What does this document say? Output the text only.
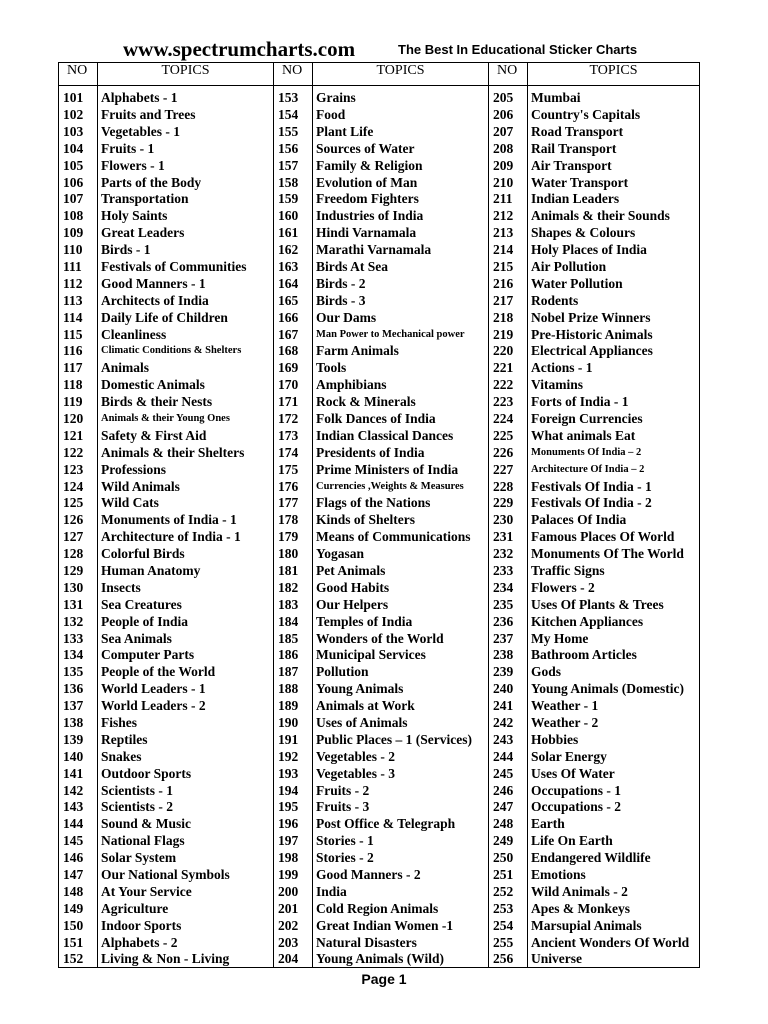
www.spectrumcharts.com	The Best In Educational Sticker Charts
NO	TOPICS	NO	TOPICS	NO	TOPICS
101	Alphabets - 1	153	Grains	205	Mumbai
102	Fruits and Trees	154	Food	206	Country's Capitals
103	Vegetables - 1	155	Plant Life	207	Road Transport
104	Fruits - 1	156	Sources of Water	208	Rail Transport
105	Flowers - 1	157	Family & Religion	209	Air Transport
106	Parts of the Body	158	Evolution of Man	210	Water Transport
107	Transportation	159	Freedom Fighters	211	Indian Leaders
108	Holy Saints	160	Industries of India	212	Animals & their Sounds
109	Great Leaders	161	Hindi Varnamala	213	Shapes & Colours
110	Birds - 1	162	Marathi Varnamala	214	Holy Places of India
111	Festivals of Communities	163	Birds At Sea	215	Air Pollution
112	Good Manners - 1	164	Birds - 2	216	Water Pollution
113	Architects of India	165	Birds - 3	217	Rodents
114	Daily Life of Children	166	Our Dams	218	Nobel Prize Winners
115	Cleanliness	167	Man Power to Mechanical power	219	Pre-Historic Animals
116	Climatic Conditions & Shelters	168	Farm Animals	220	Electrical Appliances
117	Animals	169	Tools	221	Actions - 1
118	Domestic Animals	170	Amphibians	222	Vitamins
119	Birds & their Nests	171	Rock & Minerals	223	Forts of India - 1
120	Animals & their Young Ones	172	Folk Dances of India	224	Foreign Currencies
121	Safety & First Aid	173	Indian Classical Dances	225	What animals Eat
122	Animals & their Shelters	174	Presidents of India	226	Monuments Of India – 2
123	Professions	175	Prime Ministers of India	227	Architecture Of India – 2
124	Wild Animals	176	Currencies ,Weights & Measures	228	Festivals Of India - 1
125	Wild Cats	177	Flags of the Nations	229	Festivals Of India - 2
126	Monuments of India - 1	178	Kinds of Shelters	230	Palaces Of India
127	Architecture of India - 1	179	Means of Communications	231	Famous Places Of World
128	Colorful Birds	180	Yogasan	232	Monuments Of The World
129	Human Anatomy	181	Pet Animals	233	Traffic Signs
130	Insects	182	Good Habits	234	Flowers - 2
131	Sea Creatures	183	Our Helpers	235	Uses Of Plants & Trees
132	People of India	184	Temples of India	236	Kitchen Appliances
133	Sea Animals	185	Wonders of the World	237	My Home
134	Computer Parts	186	Municipal Services	238	Bathroom Articles
135	People of the World	187	Pollution	239	Gods
136	World Leaders - 1	188	Young Animals	240	Young Animals (Domestic)
137	World Leaders - 2	189	Animals at Work	241	Weather - 1
138	Fishes	190	Uses of Animals	242	Weather - 2
139	Reptiles	191	Public Places – 1 (Services)	243	Hobbies
140	Snakes	192	Vegetables - 2	244	Solar Energy
141	Outdoor Sports	193	Vegetables - 3	245	Uses Of Water
142	Scientists - 1	194	Fruits - 2	246	Occupations - 1
143	Scientists - 2	195	Fruits - 3	247	Occupations - 2
144	Sound & Music	196	Post Office & Telegraph	248	Earth
145	National Flags	197	Stories - 1	249	Life On Earth
146	Solar System	198	Stories - 2	250	Endangered Wildlife
147	Our National Symbols	199	Good Manners - 2	251	Emotions
148	At Your Service	200	India	252	Wild Animals - 2
149	Agriculture	201	Cold Region Animals	253	Apes & Monkeys
150	Indoor Sports	202	Great Indian Women -1	254	Marsupial Animals
151	Alphabets - 2	203	Natural Disasters	255	Ancient Wonders Of World
152	Living & Non - Living	204	Young Animals (Wild)	256	Universe
Page 1
